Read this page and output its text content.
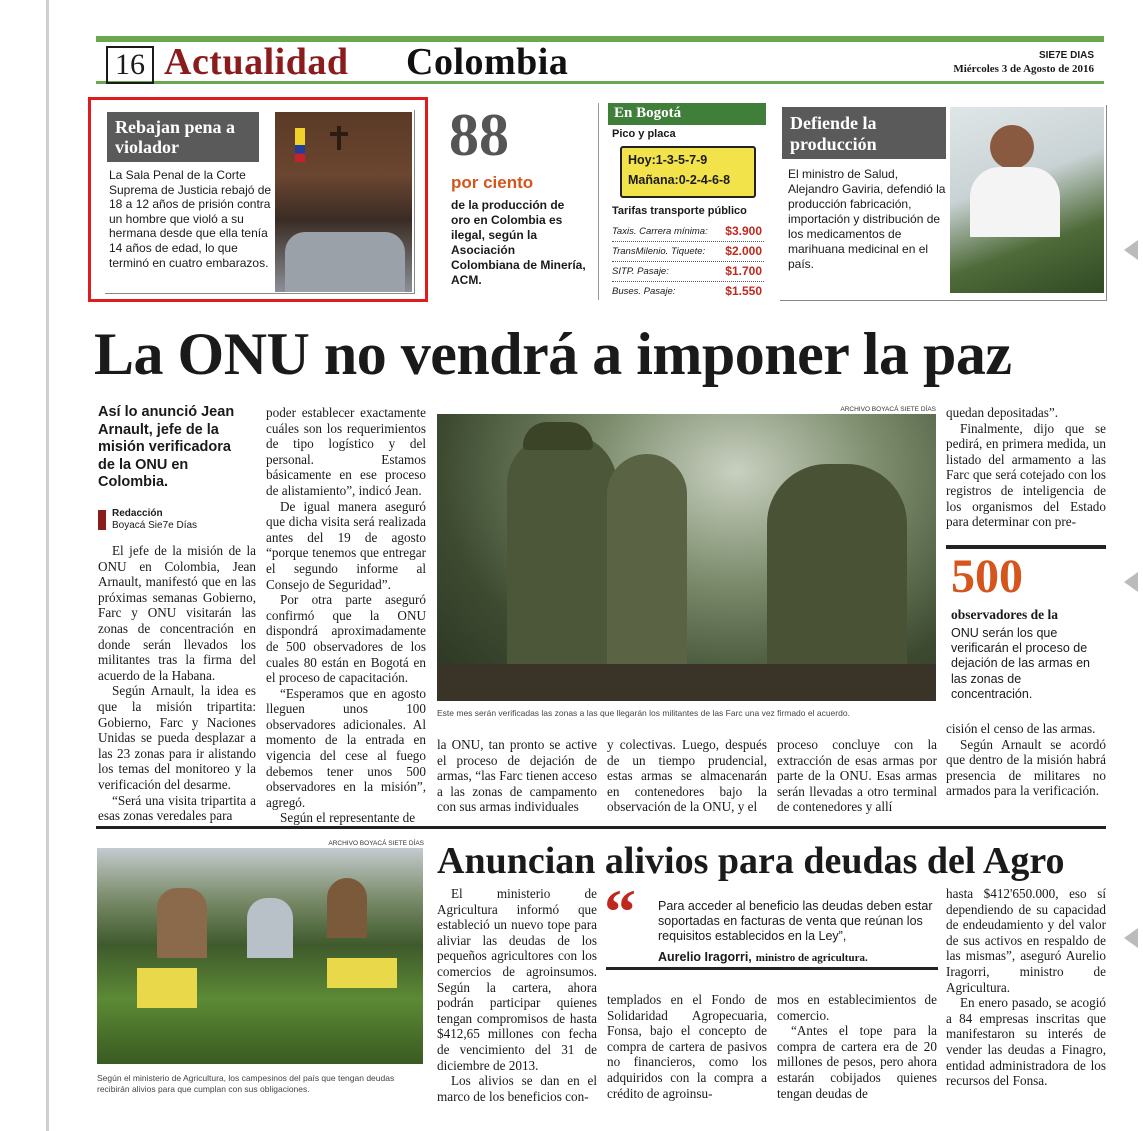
16 Actualidad Colombia	SIE7E DIAS
Miércoles 3 de Agosto de 2016
Rebajan pena a violador
La Sala Penal de la Corte Suprema de Justicia rebajó de 18 a 12 años de prisión contra un hombre que violó a su hermana desde que ella tenía 14 años de edad, lo que terminó en cuatro embarazos.
88
por ciento
de la producción de oro en Colombia es ilegal, según la Asociación Colombiana de Minería, ACM.
En Bogotá
Pico y placa
Hoy:1-3-5-7-9
Mañana:0-2-4-6-8
Tarifas transporte público
Taxis. Carrera mínima: $3.900
TransMilenio. Tiquete: $2.000
SITP. Pasaje:	$1.700
Buses. Pasaje:	$1.550
Defiende la producción
El ministro de Salud, Alejandro Gaviria, defendió la producción fabricación, importación y distribución de los medicamentos de marihuana medicinal en el país.
La ONU no vendrá a imponer la paz
Así lo anunció Jean Arnault, jefe de la misión verificadora de la ONU en Colombia.
Redacción
Boyacá Sie7e Días

El jefe de la misión de la ONU en Colombia, Jean Arnault, manifestó que en las próximas semanas Gobierno, Farc y ONU visitarán las zonas de concentración en donde serán llevados los militantes tras la firma del acuerdo de la Habana.

Según Arnault, la idea es que la misión tripartita: Gobierno, Farc y Naciones Unidas se pueda desplazar a las 23 zonas para ir alistando los temas del monitoreo y la verificación del desarme.

“Será una visita tripartita a esas zonas veredales para

poder establecer exactamente cuáles son los requerimientos de tipo logístico y del personal. Estamos básicamente en ese proceso de alistamiento”, indicó Jean.

De igual manera aseguró que dicha visita será realizada antes del 19 de agosto “porque tenemos que entregar el segundo informe al Consejo de Seguridad”.

Por otra parte aseguró confirmó que la ONU dispondrá aproximadamente de 500 observadores de los cuales 80 están en Bogotá en el proceso de capacitación.

“Esperamos que en agosto lleguen unos 100 observadores adicionales. Al momento de la entrada en vigencia del cese al fuego debemos tener unos 500 observadores en la misión”, agregó.

Según el representante de

ARCHIVO BOYACÁ SIETE DÍAS
Este mes serán verificadas las zonas a las que llegarán los militantes de las Farc una vez firmado el acuerdo.

la ONU, tan pronto se active el proceso de dejación de armas, “las Farc tienen acceso a las zonas de campamento con sus armas individuales

y colectivas. Luego, después de un tiempo prudencial, estas armas se almacenarán en contenedores bajo la observación de la ONU, y el

proceso concluye con la extracción de esas armas por parte de la ONU. Esas armas serán llevadas a otro terminal de contenedores y allí

quedan depositadas”.

Finalmente, dijo que se pedirá, en primera medida, un listado del armamento a las Farc que será cotejado con los registros de inteligencia de los organismos del Estado para determinar con pre-

500
observadores de la
ONU serán los que verificarán el proceso de dejación de las armas en las zonas de concentración.

cisión el censo de las armas.

Según Arnault se acordó que dentro de la misión habrá presencia de militares no armados para la verificación.

ARCHIVO BOYACÁ SIETE DÍAS
Según el ministerio de Agricultura, los campesinos del país que tengan deudas recibirán alivios para que cumplan con sus obligaciones.
Anuncian alivios para deudas del Agro

El ministerio de Agricultura informó que estableció un nuevo tope para aliviar las deudas de los pequeños agricultores con los comercios de agroinsumos. Según la cartera, ahora podrán participar quienes tengan compromisos de hasta $412,65 millones con fecha de vencimiento del 31 de diciembre de 2013.

Los alivios se dan en el marco de los beneficios con-

“ Para acceder al beneficio las deudas deben estar soportadas en facturas de venta que reúnan los requisitos establecidos en la Ley”,
Aurelio Iragorri, ministro de agricultura.

templados en el Fondo de Solidaridad Agropecuaria, Fonsa, bajo el concepto de compra de cartera de pasivos no financieros, como los adquiridos con la compra a crédito de agroinsu-

mos en establecimientos de comercio.

“Antes el tope para la compra de cartera era de 20 millones de pesos, pero ahora estarán cobijados quienes tengan deudas de

hasta $412'650.000, eso sí dependiendo de su capacidad de endeudamiento y del valor de sus activos en respaldo de las mismas”, aseguró Aurelio Iragorri, ministro de Agricultura.

En enero pasado, se acogió a 84 empresas inscritas que manifestaron su interés de vender las deudas a Finagro, entidad administradora de los recursos del Fonsa.
